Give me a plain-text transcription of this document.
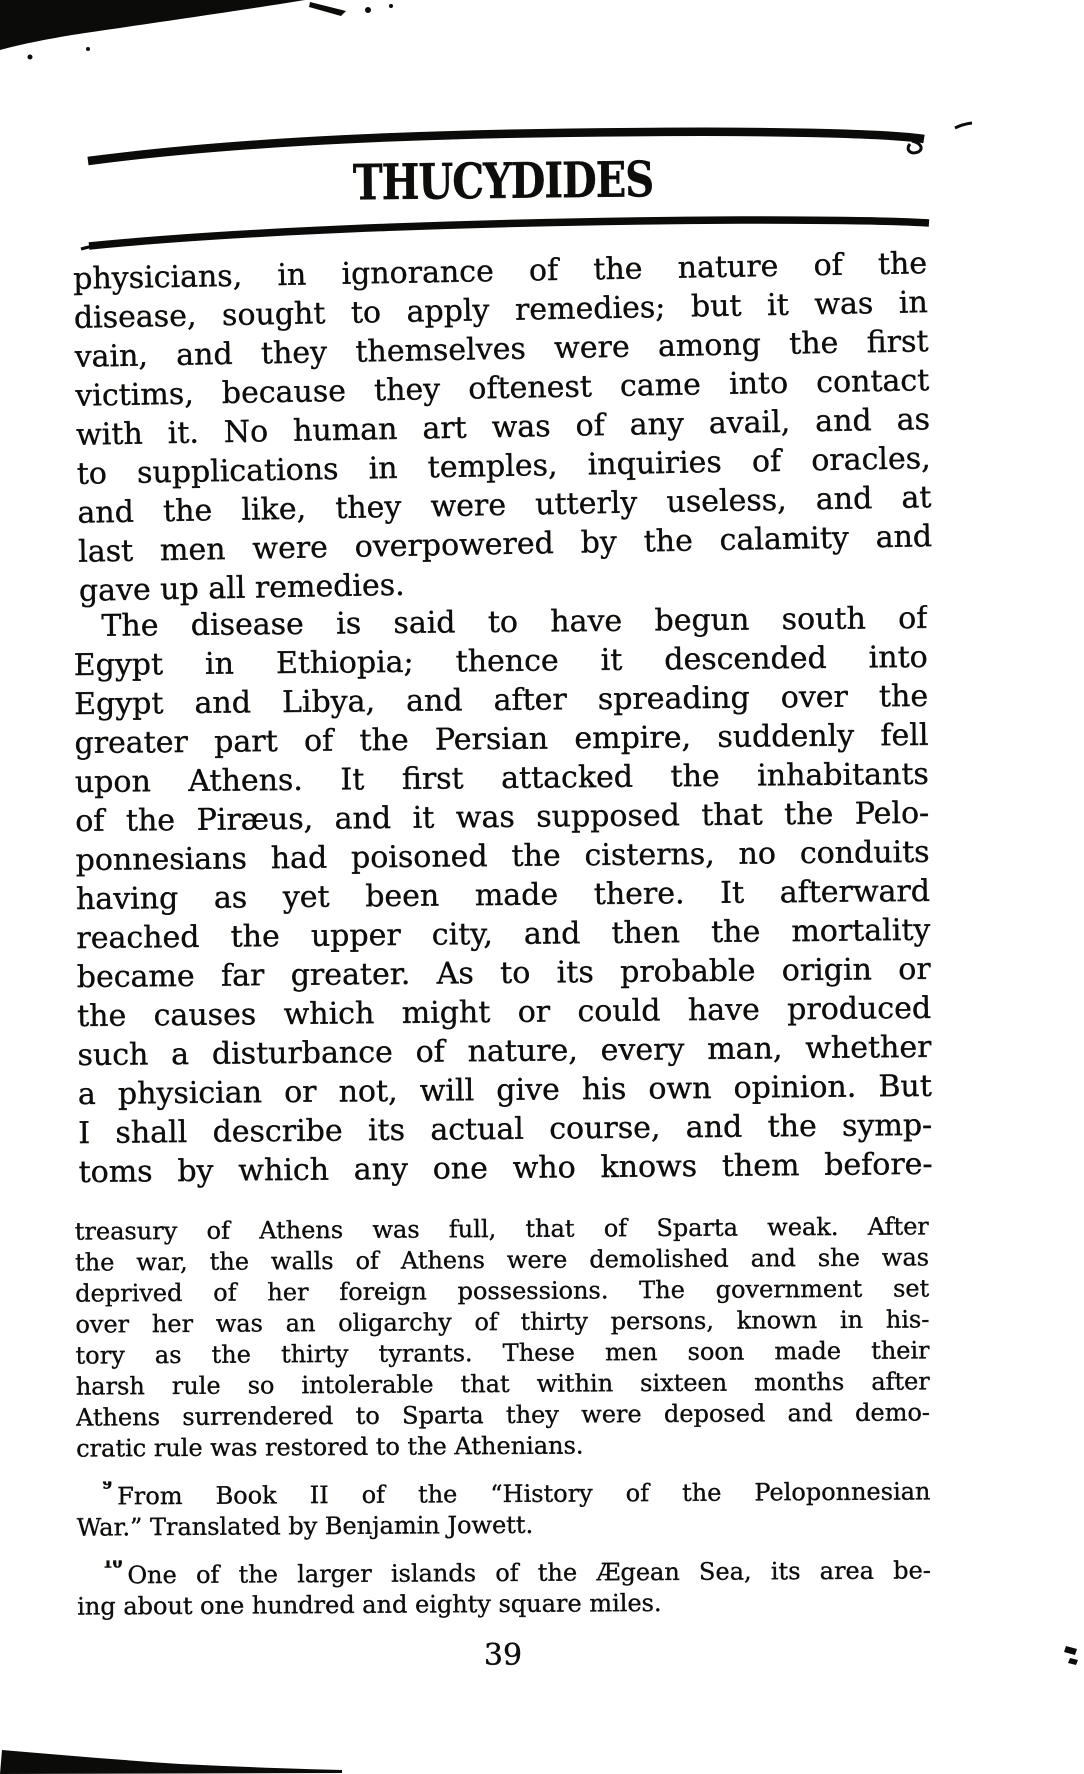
THUCYDIDES
physicians, in ignorance of the nature of the
disease, sought to apply remedies; but it was in
vain, and they themselves were among the first
victims, because they oftenest came into contact
with it. No human art was of any avail, and as
to supplications in temples, inquiries of oracles,
and the like, they were utterly useless, and at
last men were overpowered by the calamity and
gave up all remedies.
The disease is said to have begun south of
Egypt in Ethiopia; thence it descended into
Egypt and Libya, and after spreading over the
greater part of the Persian empire, suddenly fell
upon Athens. It first attacked the inhabitants
of the Piræus, and it was supposed that the Pelo-
ponnesians had poisoned the cisterns, no conduits
having as yet been made there. It afterward
reached the upper city, and then the mortality
became far greater. As to its probable origin or
the causes which might or could have produced
such a disturbance of nature, every man, whether
a physician or not, will give his own opinion. But
I shall describe its actual course, and the symp-
toms by which any one who knows them before-
treasury of Athens was full, that of Sparta weak. After
the war, the walls of Athens were demolished and she was
deprived of her foreign possessions. The government set
over her was an oligarchy of thirty persons, known in his-
tory as the thirty tyrants. These men soon made their
harsh rule so intolerable that within sixteen months after
Athens surrendered to Sparta they were deposed and demo-
cratic rule was restored to the Athenians.
$^9$ From Book II of the “History of the Peloponnesian
War.” Translated by Benjamin Jowett.
$^{10}$ One of the larger islands of the Ægean Sea, its area be-
ing about one hundred and eighty square miles.
39
